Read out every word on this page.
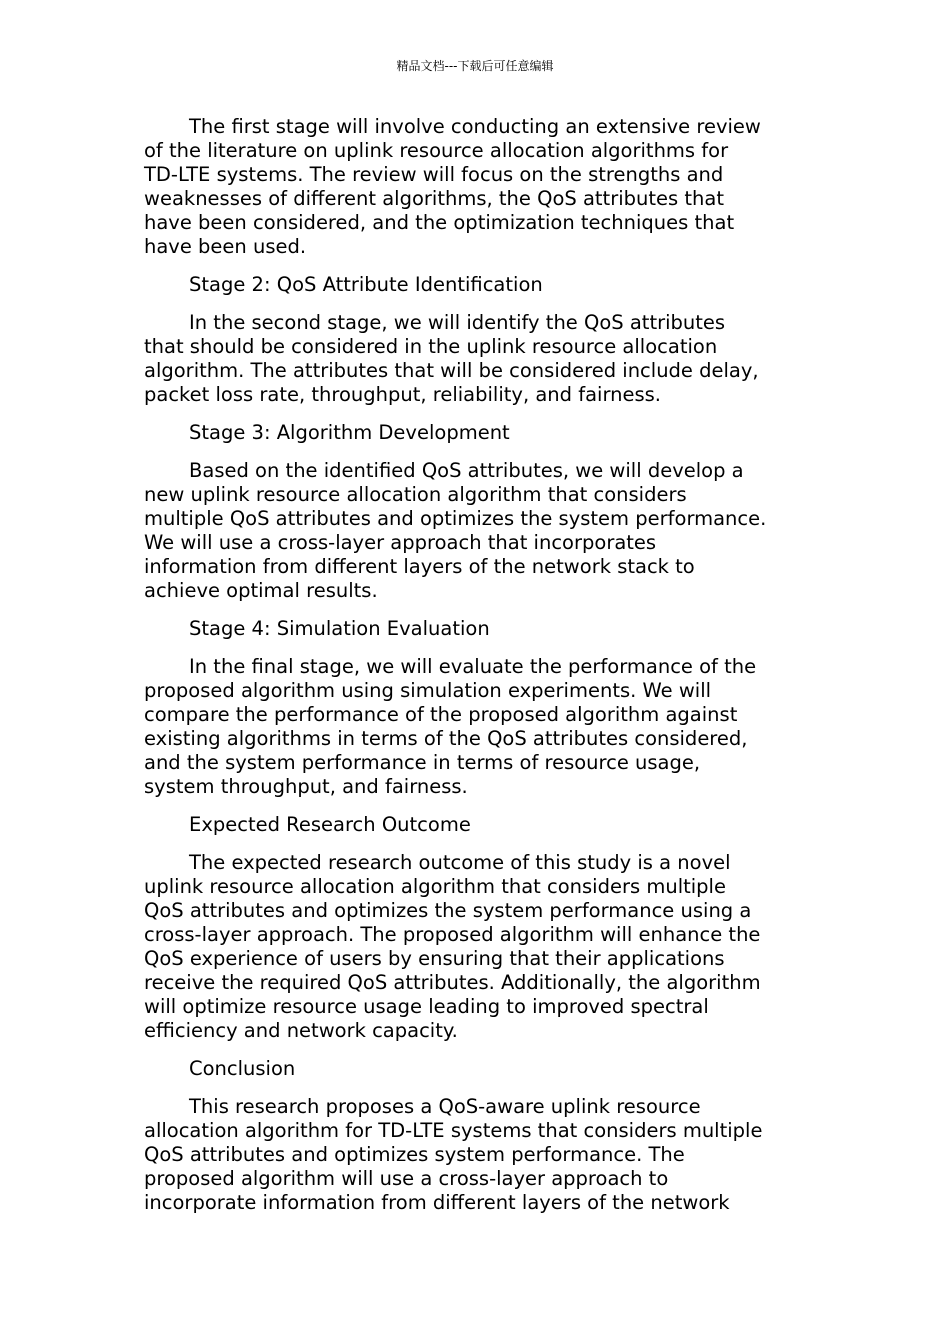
精品文档---下载后可任意编辑
The first stage will involve conducting an extensive review
of the literature on uplink resource allocation algorithms for
TD-LTE systems. The review will focus on the strengths and
weaknesses of different algorithms, the QoS attributes that
have been considered, and the optimization techniques that
have been used.
Stage 2: QoS Attribute Identification
In the second stage, we will identify the QoS attributes
that should be considered in the uplink resource allocation
algorithm. The attributes that will be considered include delay,
packet loss rate, throughput, reliability, and fairness.
Stage 3: Algorithm Development
Based on the identified QoS attributes, we will develop a
new uplink resource allocation algorithm that considers
multiple QoS attributes and optimizes the system performance.
We will use a cross-layer approach that incorporates
information from different layers of the network stack to
achieve optimal results.
Stage 4: Simulation Evaluation
In the final stage, we will evaluate the performance of the
proposed algorithm using simulation experiments. We will
compare the performance of the proposed algorithm against
existing algorithms in terms of the QoS attributes considered,
and the system performance in terms of resource usage,
system throughput, and fairness.
Expected Research Outcome
The expected research outcome of this study is a novel
uplink resource allocation algorithm that considers multiple
QoS attributes and optimizes the system performance using a
cross-layer approach. The proposed algorithm will enhance the
QoS experience of users by ensuring that their applications
receive the required QoS attributes. Additionally, the algorithm
will optimize resource usage leading to improved spectral
efficiency and network capacity.
Conclusion
This research proposes a QoS-aware uplink resource
allocation algorithm for TD-LTE systems that considers multiple
QoS attributes and optimizes system performance. The
proposed algorithm will use a cross-layer approach to
incorporate information from different layers of the network
